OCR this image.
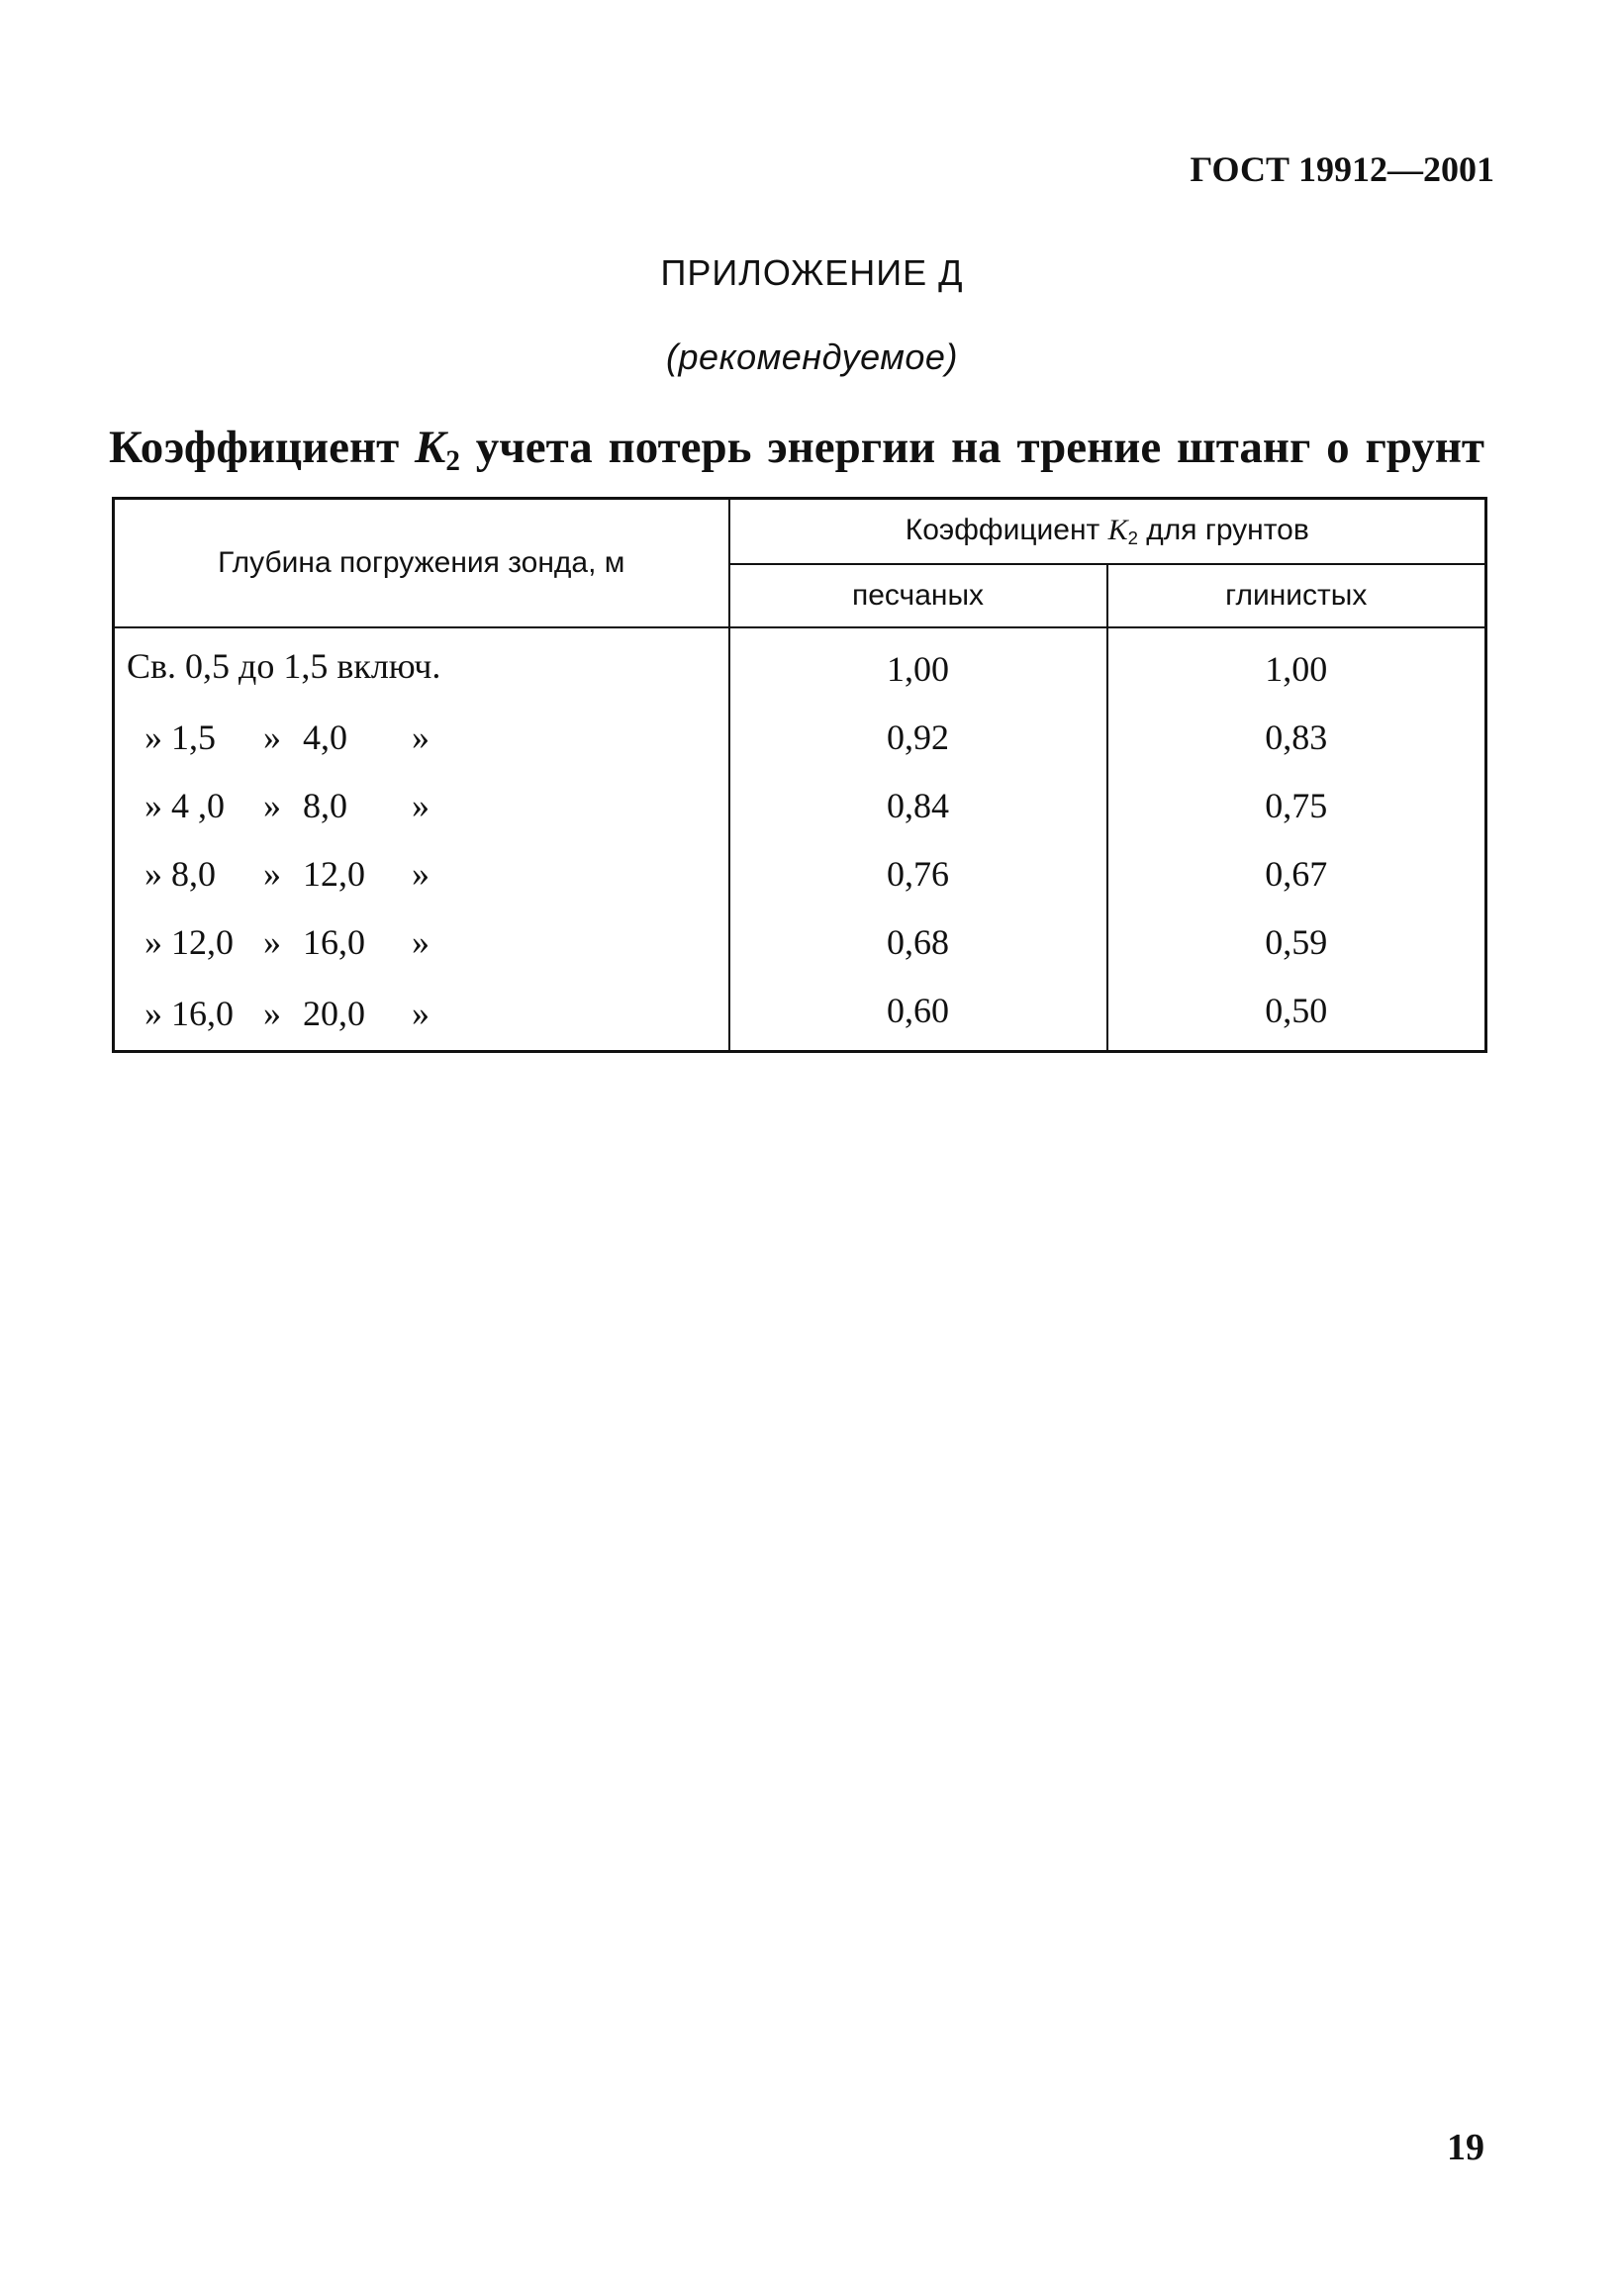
ГОСТ 19912—2001
ПРИЛОЖЕНИЕ Д
(рекомендуемое)
Коэффициент $K_2$ учета потерь энергии на трение штанг о грунт
Глубина погружения зонда, м	Коэффициент $K_2$ для грунтов	
	песчаных	глинистых

Св. 0,5 до 1,5 включ.	1,00	1,00

» 1,5 » 4,0 »	0,92	0,83

» 4 ,0 » 8,0 »	0,84	0,75

» 8,0 » 12,0 »	0,76	0,67

» 12,0 » 16,0 »	0,68	0,59

» 16,0 » 20,0 »	0,60	0,50
19
